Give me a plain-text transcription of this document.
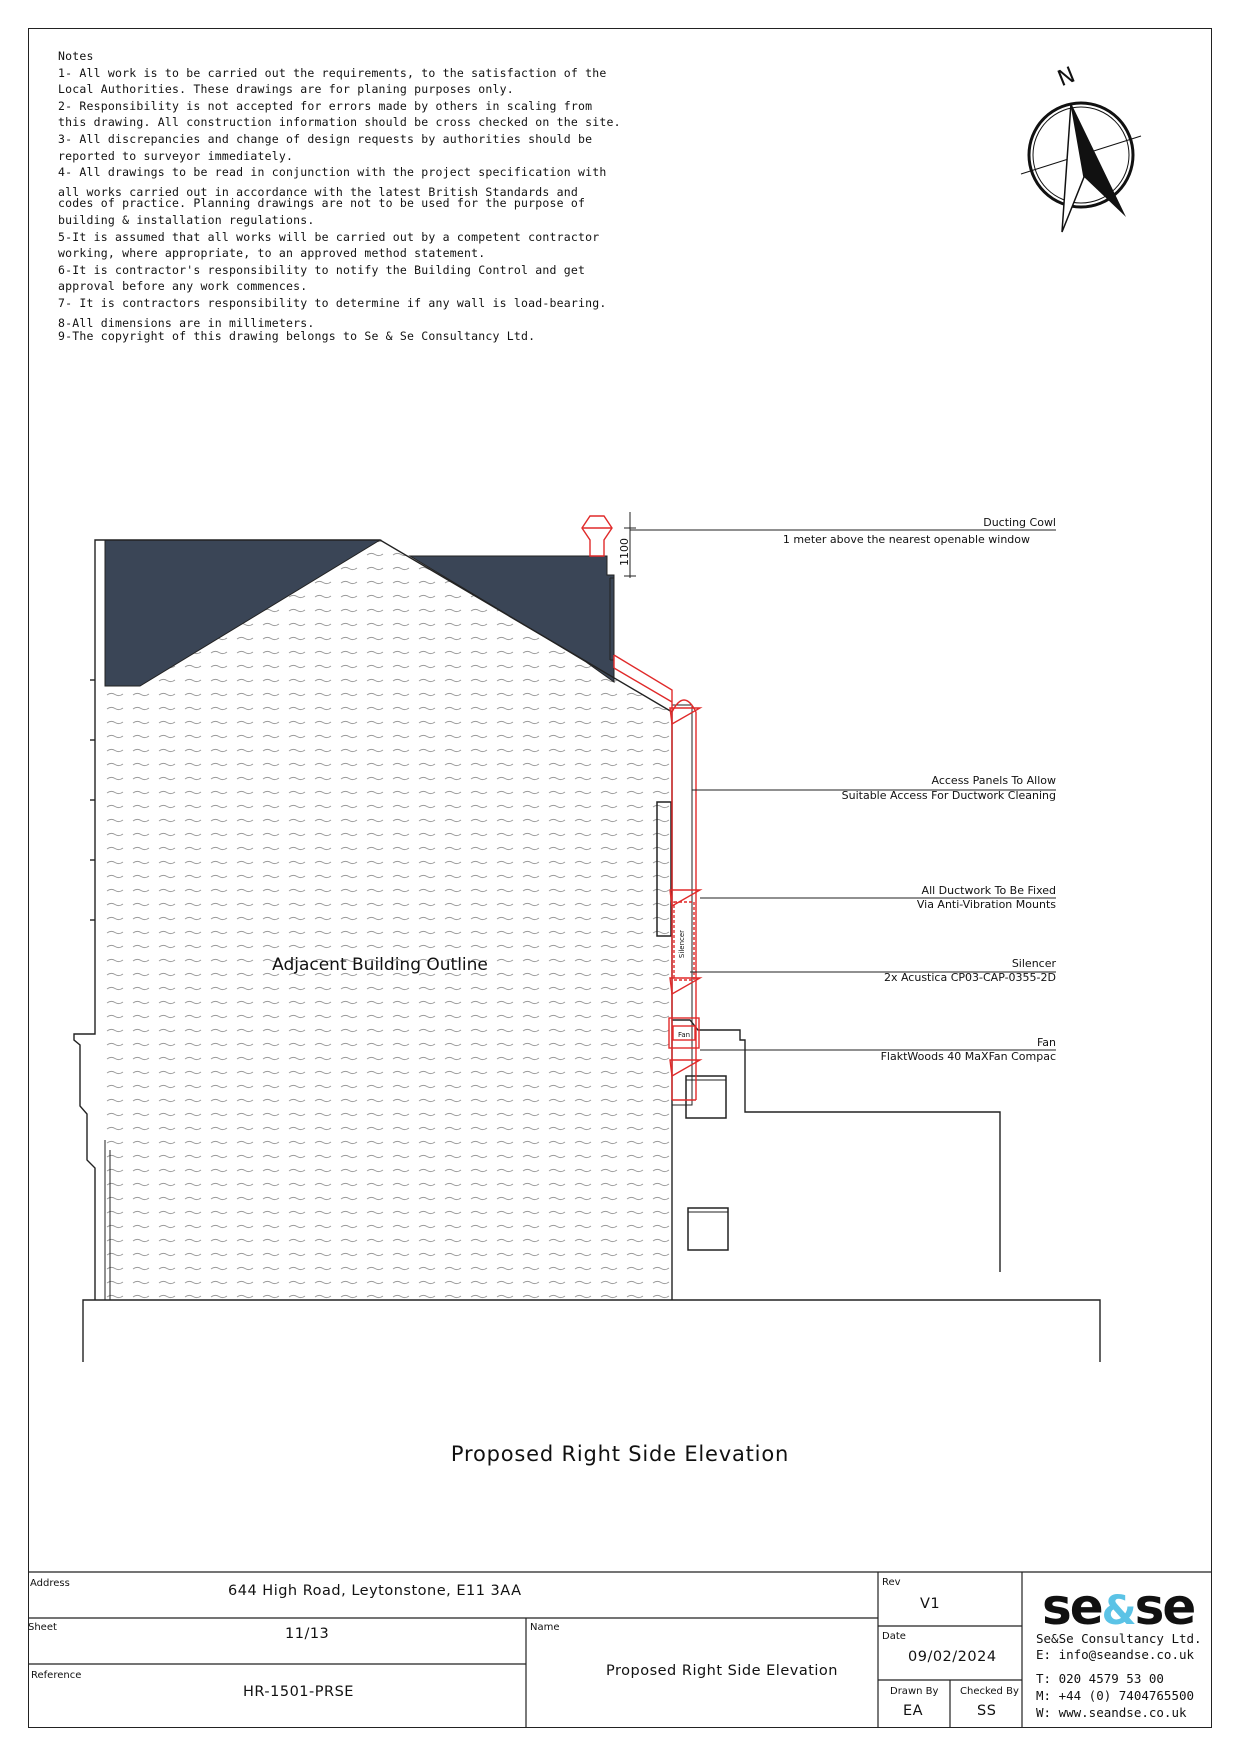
Notes
1- All work is to be carried out the requirements, to the satisfaction of the
Local Authorities. These drawings are for planing purposes only.
2- Responsibility is not accepted for errors made by others in scaling from
this drawing. All construction information should be cross checked on the site.
3- All discrepancies and change of design requests by authorities should be
reported to surveyor immediately.
4- All drawings to be read in conjunction with the project specification with
all works carried out in accordance with the latest British Standards and
codes of practice. Planning drawings are not to be used for the purpose of
building & installation regulations.
5-It is assumed that all works will be carried out by a competent contractor
working, where appropriate, to an approved method statement.
6-It is contractor's responsibility to notify the Building Control and get
approval before any work commences.
7- It is contractors responsibility to determine if any wall is load-bearing.
8-All dimensions are in millimeters.
9-The copyright of this drawing belongs to Se & Se Consultancy Ltd.
N
Adjacent Building Outline
Silencer
Fan
1100
Ducting Cowl
1 meter above the nearest openable window
Access Panels To Allow
Suitable Access For Ductwork Cleaning
All Ductwork To Be Fixed
Via Anti-Vibration Mounts
Silencer
2x Acustica CP03-CAP-0355-2D
Fan
FlaktWoods 40 MaXFan Compac
Proposed Right Side Elevation
Address	644 High Road, Leytonstone, E11 3AA
Sheet	11/13	Name
Proposed Right Side Elevation
Reference
HR-1501-PRSE
Rev
V1
Date
09/02/2024
Drawn By
EA
Checked By
SS
se&se
Se&Se Consultancy Ltd.
E: info@seandse.co.uk
T: 020 4579 53 00
M: +44 (0) 7404765500
W: www.seandse.co.uk
